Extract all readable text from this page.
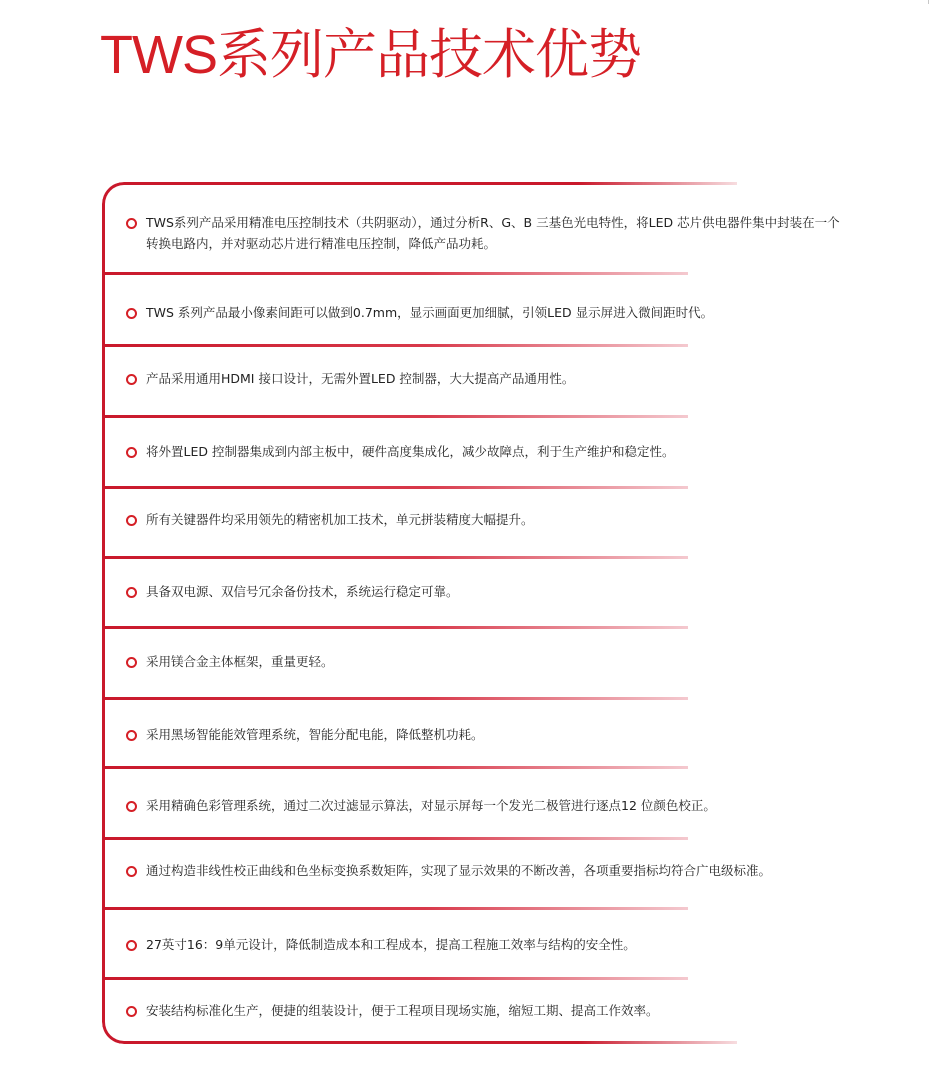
TWS系列产品技术优势
TWS系列产品采用精准电压控制技术（共阴驱动），通过分析R、G、B 三基色光电特性，将LED 芯片供电器件集中封装在一个转换电路内，并对驱动芯片进行精准电压控制，降低产品功耗。
TWS 系列产品最小像素间距可以做到0.7mm，显示画面更加细腻，引领LED 显示屏进入微间距时代。
产品采用通用HDMI 接口设计，无需外置LED 控制器，大大提高产品通用性。
将外置LED 控制器集成到内部主板中，硬件高度集成化，减少故障点，利于生产维护和稳定性。
所有关键器件均采用领先的精密机加工技术，单元拼装精度大幅提升。
具备双电源、双信号冗余备份技术，系统运行稳定可靠。
采用镁合金主体框架，重量更轻。
采用黑场智能能效管理系统，智能分配电能，降低整机功耗。
采用精确色彩管理系统，通过二次过滤显示算法，对显示屏每一个发光二极管进行逐点12 位颜色校正。
通过构造非线性校正曲线和色坐标变换系数矩阵，实现了显示效果的不断改善，各项重要指标均符合广电级标准。
27英寸16：9单元设计，降低制造成本和工程成本，提高工程施工效率与结构的安全性。
安装结构标准化生产，便捷的组装设计，便于工程项目现场实施，缩短工期、提高工作效率。
